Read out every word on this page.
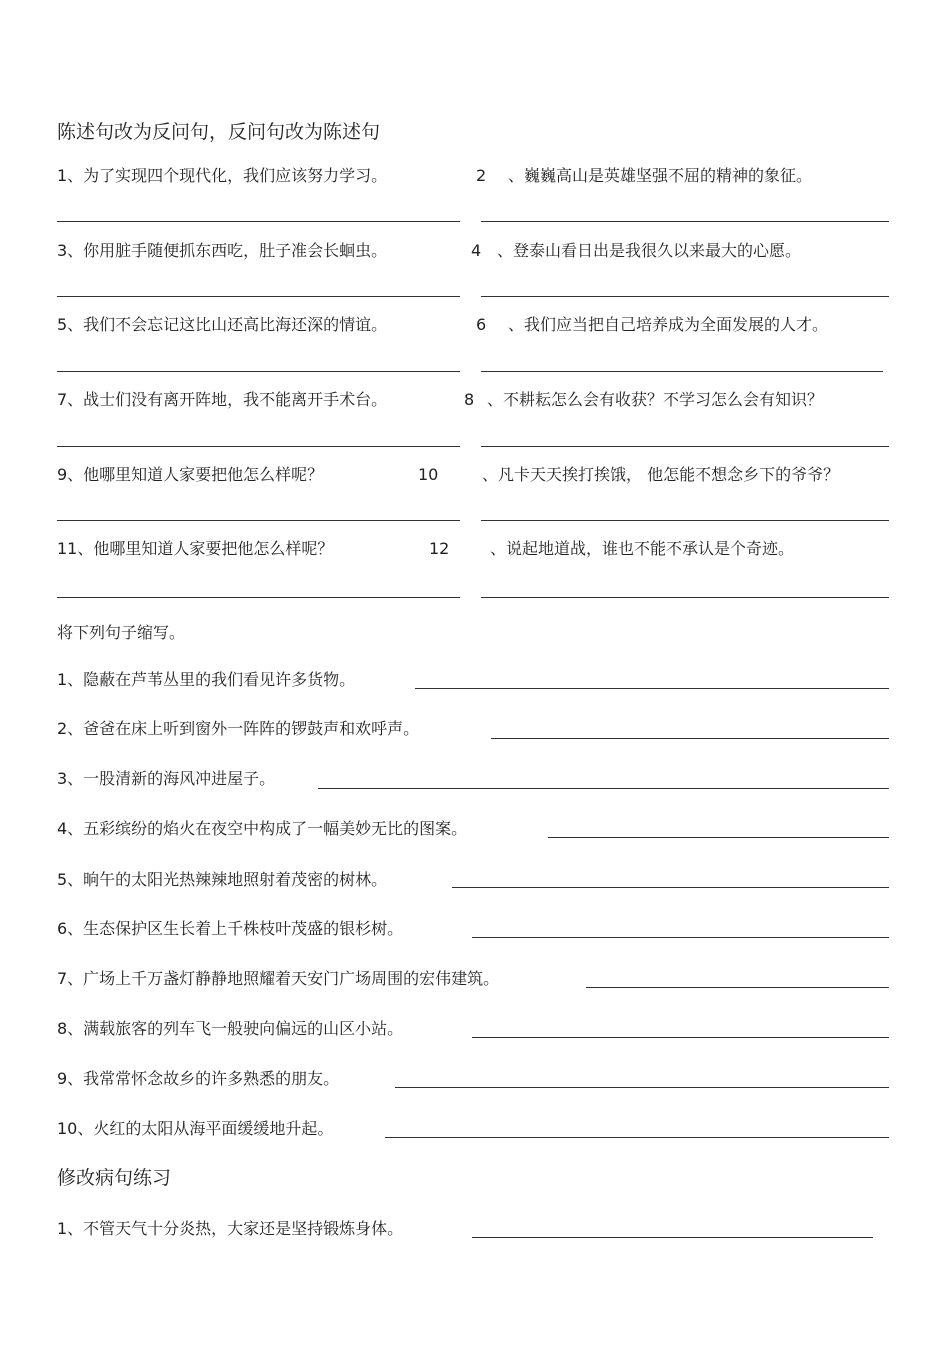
陈述句改为反问句，反问句改为陈述句
1、为了实现四个现代化，我们应该努力学习。	2 、巍巍高山是英雄坚强不屈的精神的象征。
3、你用脏手随便抓东西吃，肚子准会长蛔虫。	4 、登泰山看日出是我很久以来最大的心愿。
5、我们不会忘记这比山还高比海还深的情谊。	6 、我们应当把自己培养成为全面发展的人才。
7、战士们没有离开阵地，我不能离开手术台。	8 、不耕耘怎么会有收获？不学习怎么会有知识？
9、他哪里知道人家要把他怎么样呢？	10	、凡卡天天挨打挨饿， 他怎能不想念乡下的爷爷？
11、他哪里知道人家要把他怎么样呢？	12	、说起地道战，谁也不能不承认是个奇迹。
将下列句子缩写。
1、隐蔽在芦苇丛里的我们看见许多货物。
2、爸爸在床上听到窗外一阵阵的锣鼓声和欢呼声。
3、一股清新的海风冲进屋子。
4、五彩缤纷的焰火在夜空中构成了一幅美妙无比的图案。
5、晌午的太阳光热辣辣地照射着茂密的树林。
6、生态保护区生长着上千株枝叶茂盛的银杉树。
7、广场上千万盏灯静静地照耀着天安门广场周围的宏伟建筑。
8、满载旅客的列车飞一般驶向偏远的山区小站。
9、我常常怀念故乡的许多熟悉的朋友。
10、火红的太阳从海平面缓缓地升起。
修改病句练习
1、不管天气十分炎热，大家还是坚持锻炼身体。
